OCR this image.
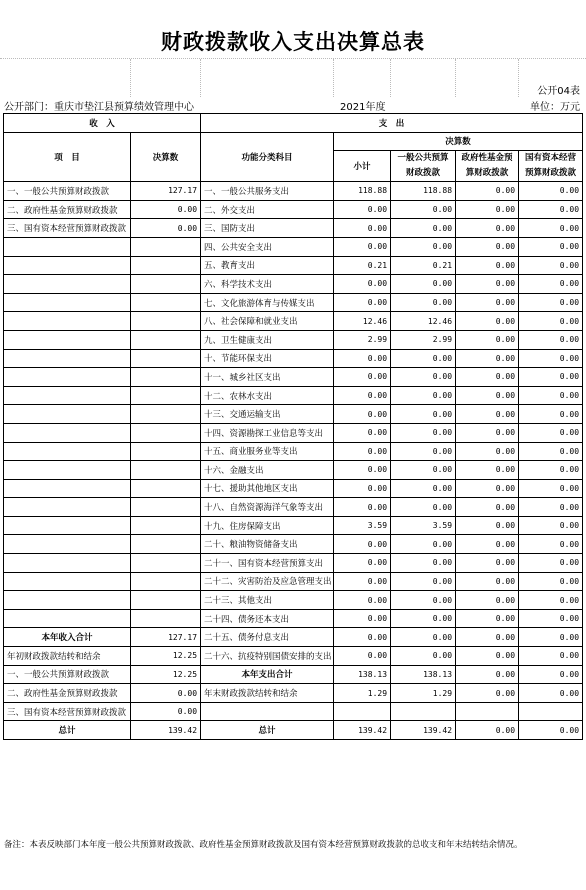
财政拨款收入支出决算总表
公开04表
公开部门：重庆市垫江县预算绩效管理中心	2021年度	单位：万元
收　入		支　出				
项　目	决算数	功能分类科目	决算数			
			小计	一般公共预算财政拨款	政府性基金预算财政拨款	国有资本经营预算财政拨款

一、一般公共预算财政拨款	127.17	一、一般公共服务支出	118.88	118.88	0.00	0.00
二、政府性基金预算财政拨款	0.00	二、外交支出	0.00	0.00	0.00	0.00
三、国有资本经营预算财政拨款	0.00	三、国防支出	0.00	0.00	0.00	0.00
		四、公共安全支出	0.00	0.00	0.00	0.00
		五、教育支出	0.21	0.21	0.00	0.00
		六、科学技术支出	0.00	0.00	0.00	0.00
		七、文化旅游体育与传媒支出	0.00	0.00	0.00	0.00
		八、社会保障和就业支出	12.46	12.46	0.00	0.00
		九、卫生健康支出	2.99	2.99	0.00	0.00
		十、节能环保支出	0.00	0.00	0.00	0.00
		十一、城乡社区支出	0.00	0.00	0.00	0.00
		十二、农林水支出	0.00	0.00	0.00	0.00
		十三、交通运输支出	0.00	0.00	0.00	0.00
		十四、资源勘探工业信息等支出	0.00	0.00	0.00	0.00
		十五、商业服务业等支出	0.00	0.00	0.00	0.00
		十六、金融支出	0.00	0.00	0.00	0.00
		十七、援助其他地区支出	0.00	0.00	0.00	0.00
		十八、自然资源海洋气象等支出	0.00	0.00	0.00	0.00
		十九、住房保障支出	3.59	3.59	0.00	0.00
		二十、粮油物资储备支出	0.00	0.00	0.00	0.00
		二十一、国有资本经营预算支出	0.00	0.00	0.00	0.00
		二十二、灾害防治及应急管理支出	0.00	0.00	0.00	0.00
		二十三、其他支出	0.00	0.00	0.00	0.00
		二十四、债务还本支出	0.00	0.00	0.00	0.00
本年收入合计	127.17	二十五、债务付息支出	0.00	0.00	0.00	0.00
年初财政拨款结转和结余	12.25	二十六、抗疫特别国债安排的支出	0.00	0.00	0.00	0.00
一、一般公共预算财政拨款	12.25	本年支出合计	138.13	138.13	0.00	0.00
二、政府性基金预算财政拨款	0.00	年末财政拨款结转和结余	1.29	1.29	0.00	0.00
三、国有资本经营预算财政拨款	0.00					
总计	139.42	总计	139.42	139.42	0.00	0.00
备注：本表反映部门本年度一般公共预算财政拨款、政府性基金预算财政拨款及国有资本经营预算财政拨款的总收支和年末结转结余情况。
